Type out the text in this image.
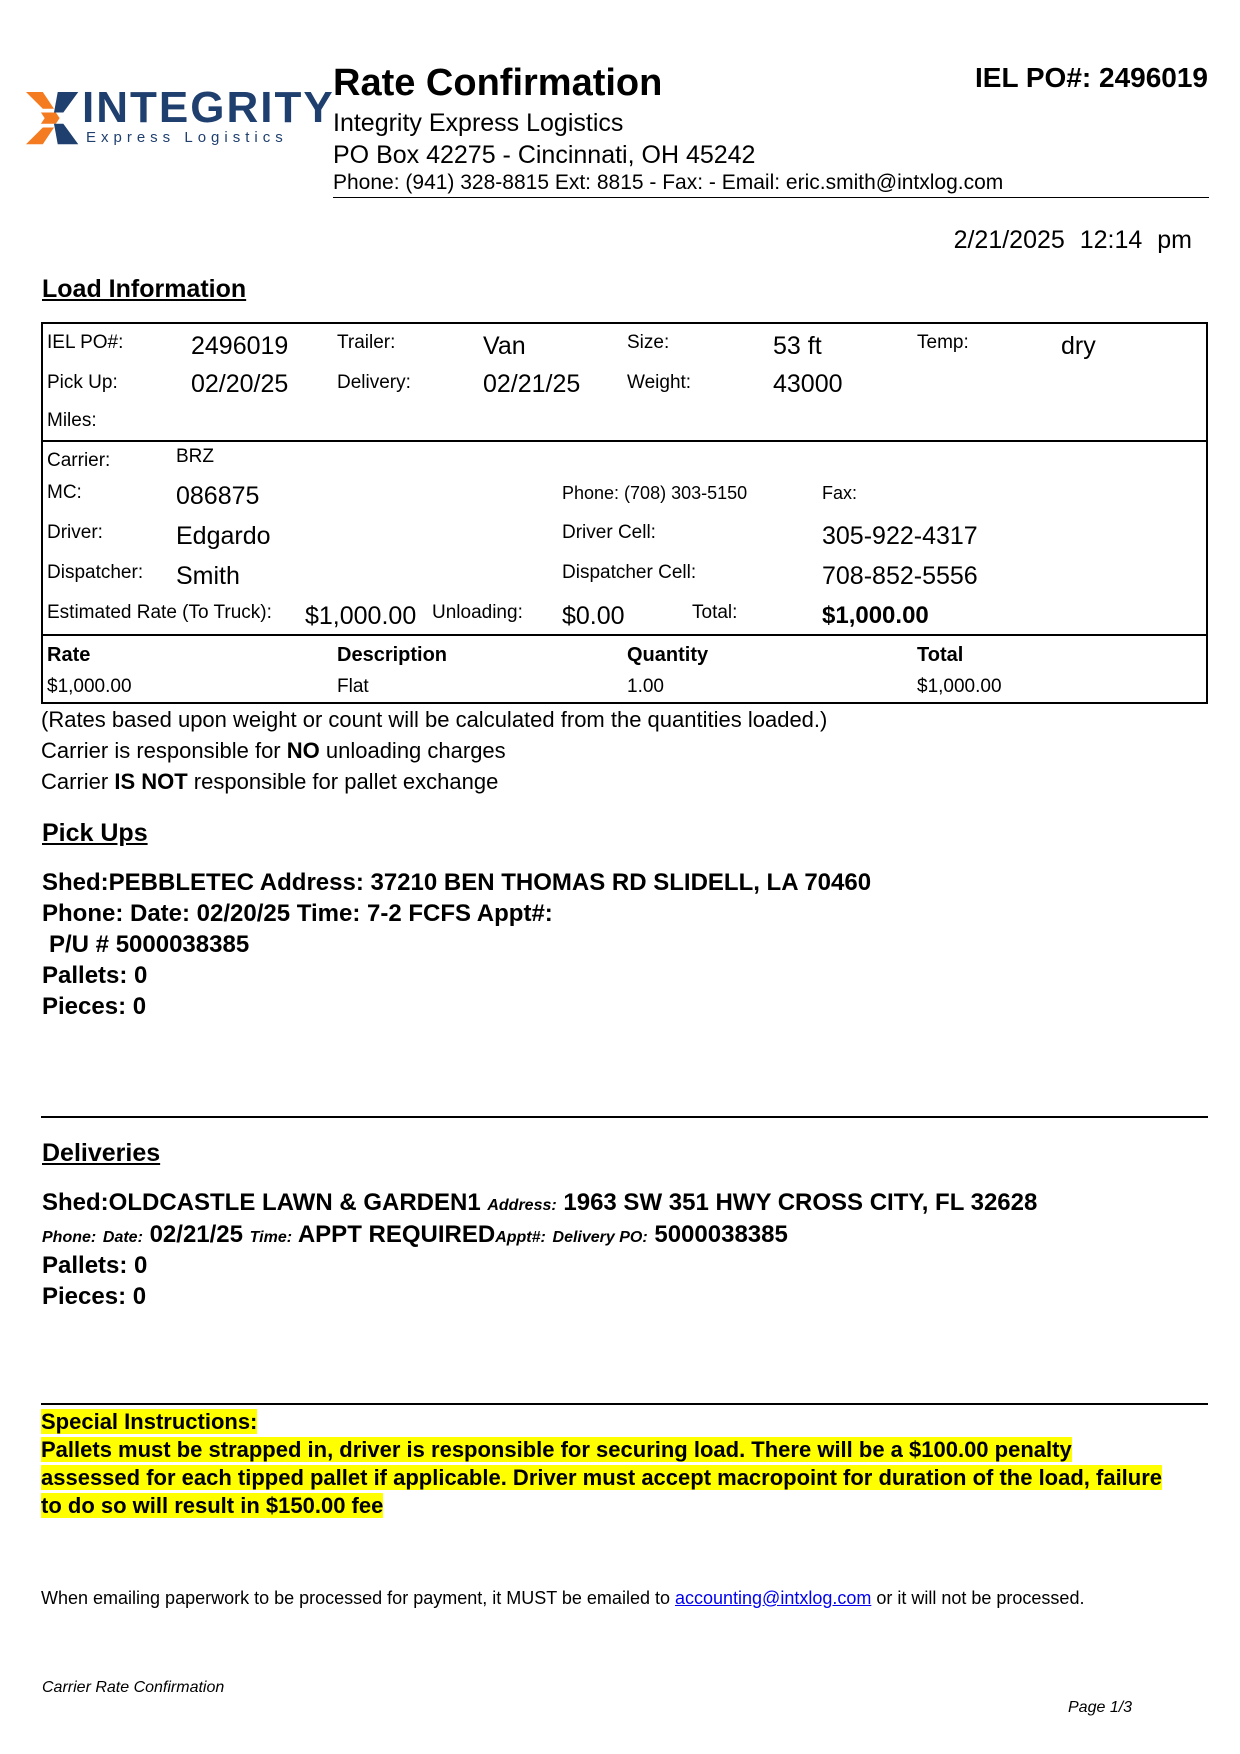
INTEGRITY
Express Logistics
Rate Confirmation	IEL PO#: 2496019
Integrity Express Logistics
PO Box 42275 - Cincinnati, OH 45242
Phone: (941) 328-8815 Ext: 8815 - Fax: - Email: eric.smith@intxlog.com
2/21/2025 12:14 pm
Load Information
IEL PO#:	2496019	Trailer:	Van	Size:	53 ft	Temp:	dry
Pick Up:	02/20/25	Delivery:	02/21/25 Weight:	43000
Miles:
Carrier:	BRZ
MC:	086875	Phone: (708) 303-5150	Fax:
Driver:	Edgardo	Driver Cell:	305-922-4317
Dispatcher: Smith	Dispatcher Cell:	708-852-5556
Estimated Rate (To Truck): $1,000.00 Unloading: $0.00	Total:	$1,000.00
Rate	Description	Quantity	Total
$1,000.00	Flat	1.00	$1,000.00
(Rates based upon weight or count will be calculated from the quantities loaded.)
Carrier is responsible for NO unloading charges
Carrier IS NOT responsible for pallet exchange
Pick Ups
Shed:PEBBLETEC Address: 37210 BEN THOMAS RD SLIDELL, LA 70460
Phone: Date: 02/20/25 Time: 7-2 FCFS Appt#:
P/U # 5000038385
Pallets: 0
Pieces: 0
Deliveries
Shed:OLDCASTLE LAWN & GARDEN1 Address: 1963 SW 351 HWY CROSS CITY, FL 32628
Phone: Date: 02/21/25 Time: APPT REQUIREDAppt#: Delivery PO: 5000038385
Pallets: 0
Pieces: 0
Special Instructions:
Pallets must be strapped in, driver is responsible for securing load. There will be a $100.00 penalty
assessed for each tipped pallet if applicable. Driver must accept macropoint for duration of the load, failure
to do so will result in $150.00 fee
When emailing paperwork to be processed for payment, it MUST be emailed to accounting@intxlog.com or it will not be processed.
Carrier Rate Confirmation
Page 1/3
